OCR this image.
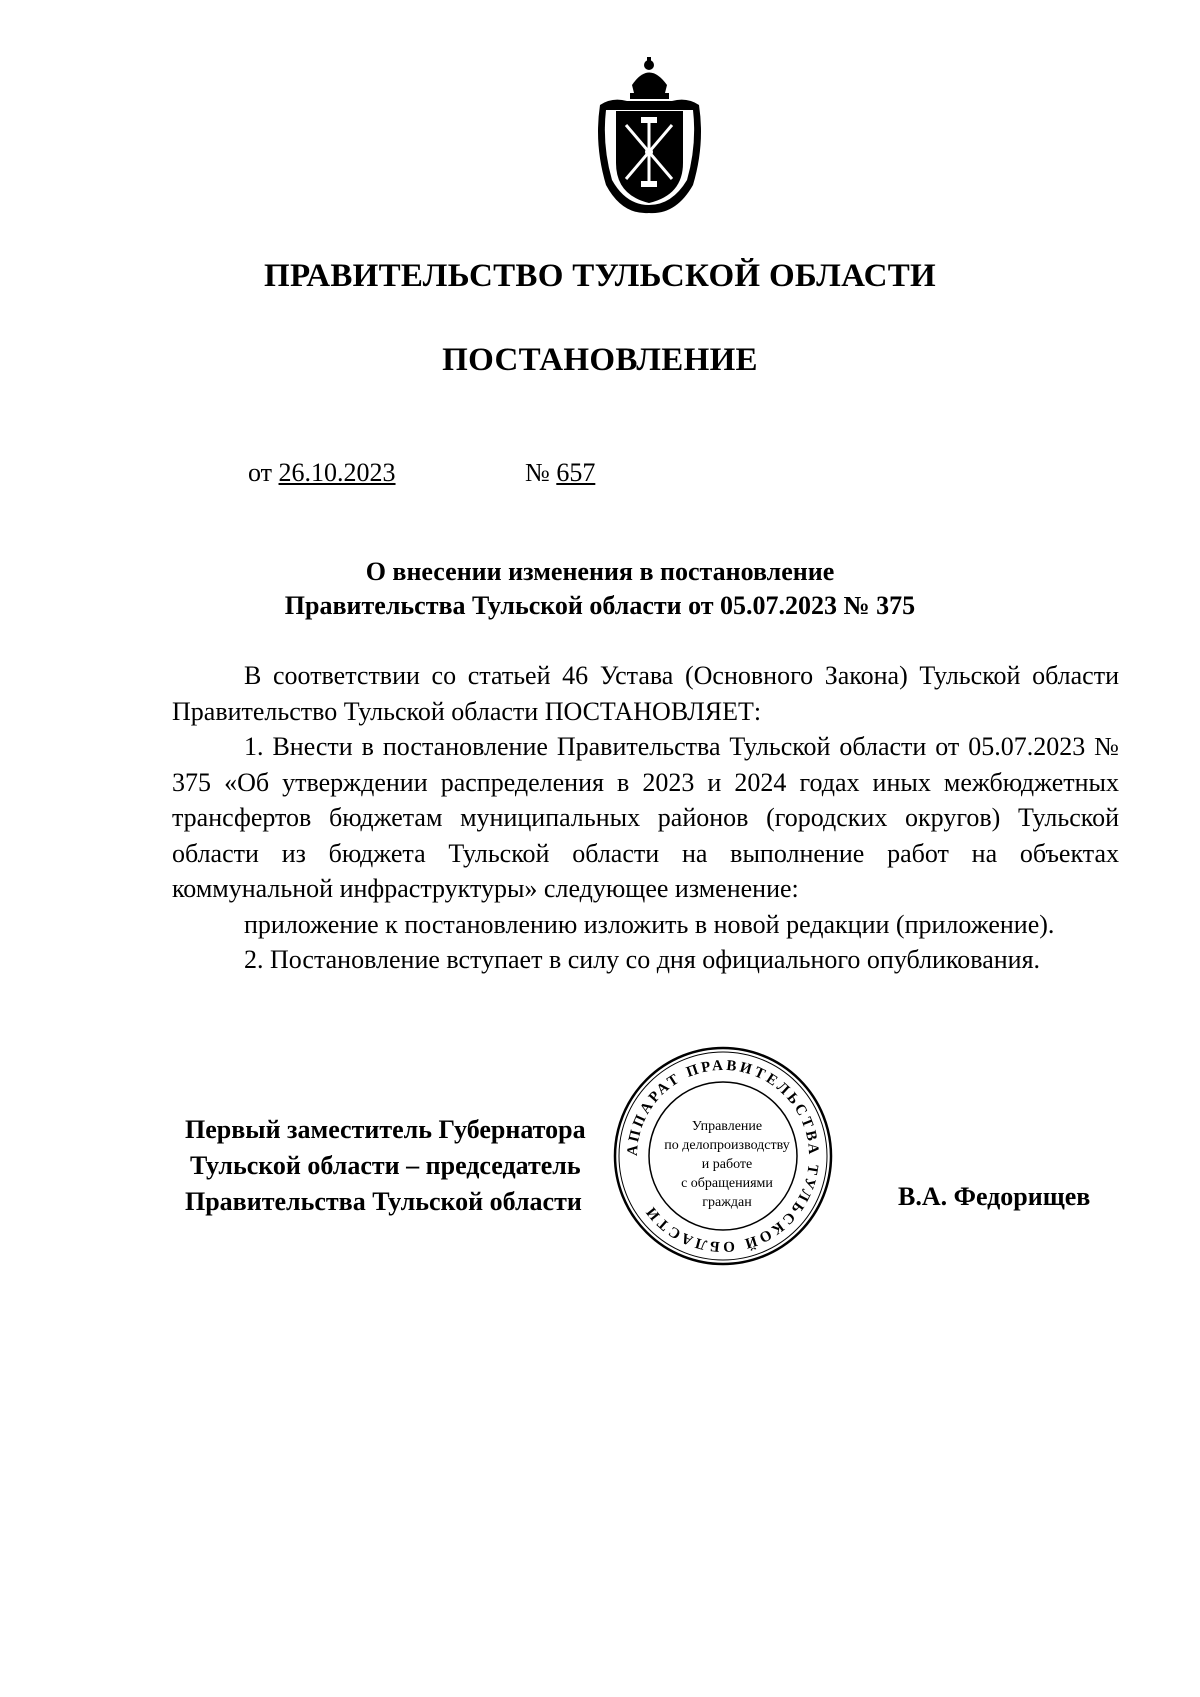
ПРАВИТЕЛЬСТВО ТУЛЬСКОЙ ОБЛАСТИ
ПОСТАНОВЛЕНИЕ
от 26.10.2023	№ 657
О внесении изменения в постановление
Правительства Тульской области от 05.07.2023 № 375

В соответствии со статьей 46 Устава (Основного Закона) Тульской области Правительство Тульской области ПОСТАНОВЛЯЕТ:

1. Внести в постановление Правительства Тульской области от 05.07.2023 № 375 «Об утверждении распределения в 2023 и 2024 годах иных межбюджетных трансфертов бюджетам муниципальных районов (городских округов) Тульской области из бюджета Тульской области на выполнение работ на объектах коммунальной инфраструктуры» следующее изменение:

приложение к постановлению изложить в новой редакции (приложение).

2. Постановление вступает в силу со дня официального опубликования.

Первый заместитель Губернатора
Тульской области – председатель
Правительства Тульской области
АППАРАТ ПРАВИТЕЛЬСТВА ТУЛЬСКОЙ ОБЛАСТИ
Управление
по делопроизводству
и работе
с обращениями
граждан	В.А. Федорищев
